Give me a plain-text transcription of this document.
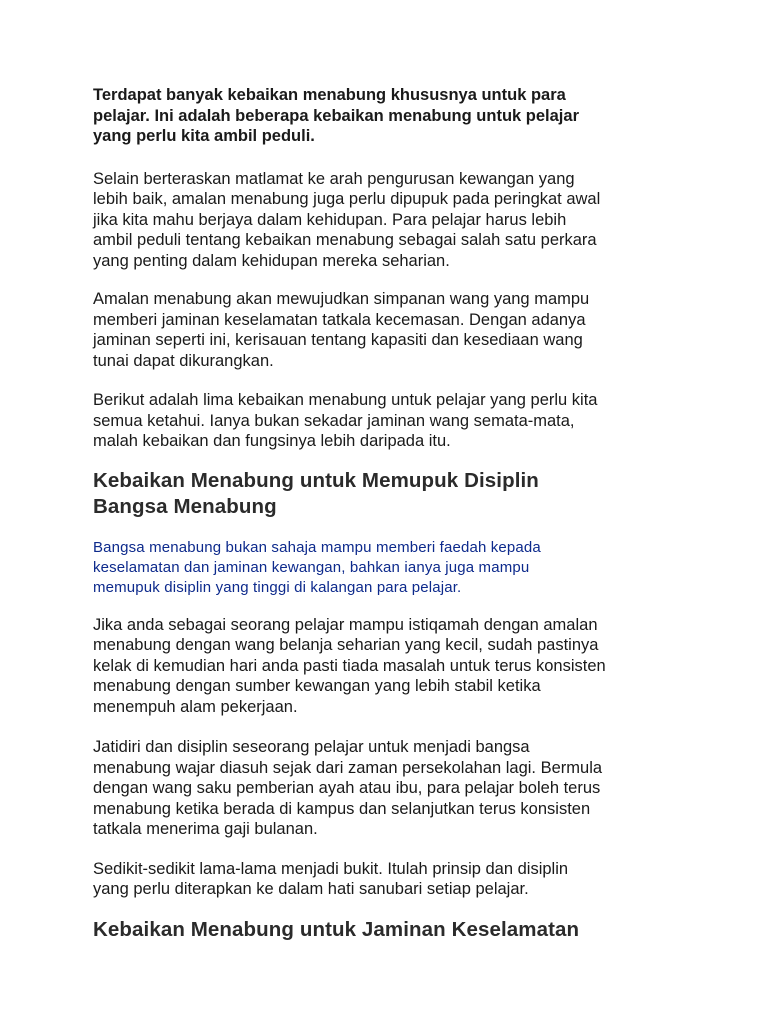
Terdapat banyak kebaikan menabung khususnya untuk para
pelajar. Ini adalah beberapa kebaikan menabung untuk pelajar
yang perlu kita ambil peduli.

Selain berteraskan matlamat ke arah pengurusan kewangan yang
lebih baik, amalan menabung juga perlu dipupuk pada peringkat awal
jika kita mahu berjaya dalam kehidupan. Para pelajar harus lebih
ambil peduli tentang kebaikan menabung sebagai salah satu perkara
yang penting dalam kehidupan mereka seharian.

Amalan menabung akan mewujudkan simpanan wang yang mampu
memberi jaminan keselamatan tatkala kecemasan. Dengan adanya
jaminan seperti ini, kerisauan tentang kapasiti dan kesediaan wang
tunai dapat dikurangkan.

Berikut adalah lima kebaikan menabung untuk pelajar yang perlu kita
semua ketahui. Ianya bukan sekadar jaminan wang semata-mata,
malah kebaikan dan fungsinya lebih daripada itu.

Kebaikan Menabung untuk Memupuk Disiplin
Bangsa Menabung

Bangsa menabung bukan sahaja mampu memberi faedah kepada
keselamatan dan jaminan kewangan, bahkan ianya juga mampu
memupuk disiplin yang tinggi di kalangan para pelajar.

Jika anda sebagai seorang pelajar mampu istiqamah dengan amalan
menabung dengan wang belanja seharian yang kecil, sudah pastinya
kelak di kemudian hari anda pasti tiada masalah untuk terus konsisten
menabung dengan sumber kewangan yang lebih stabil ketika
menempuh alam pekerjaan.

Jatidiri dan disiplin seseorang pelajar untuk menjadi bangsa
menabung wajar diasuh sejak dari zaman persekolahan lagi. Bermula
dengan wang saku pemberian ayah atau ibu, para pelajar boleh terus
menabung ketika berada di kampus dan selanjutkan terus konsisten
tatkala menerima gaji bulanan.

Sedikit-sedikit lama-lama menjadi bukit. Itulah prinsip dan disiplin
yang perlu diterapkan ke dalam hati sanubari setiap pelajar.

Kebaikan Menabung untuk Jaminan Keselamatan
